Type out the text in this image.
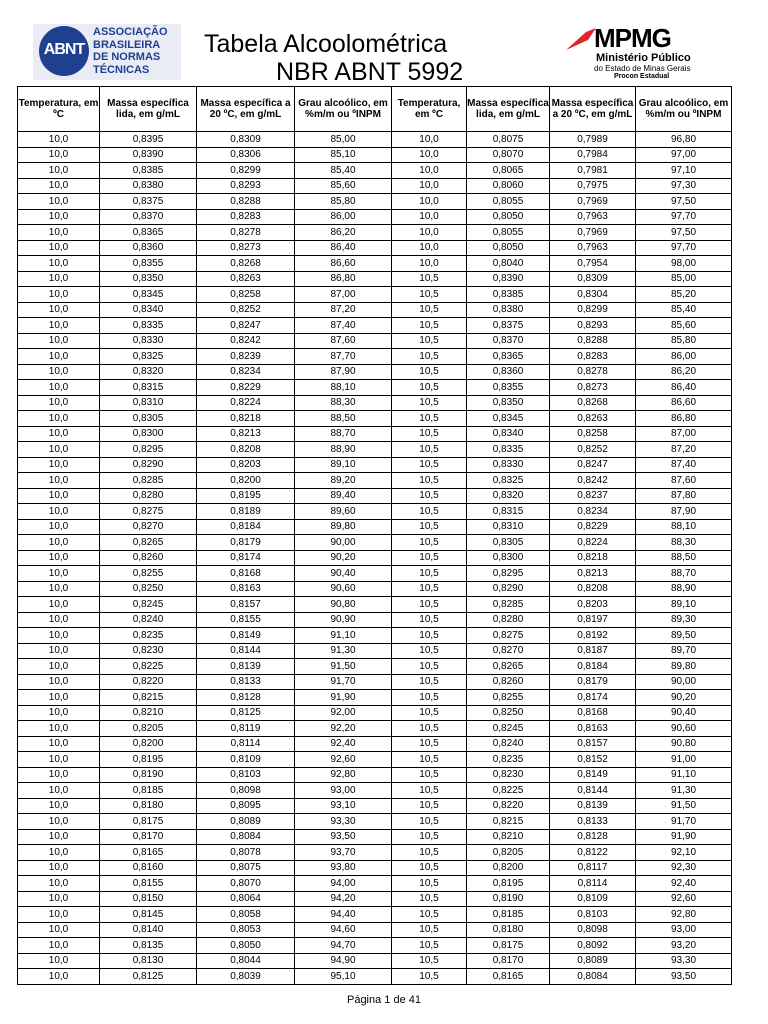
ABNT
ASSOCIAÇÃO
BRASILEIRA
DE NORMAS
TÉCNICAS
Tabela Alcoolométrica
NBR ABNT 5992
MPMG
Ministério Público
do Estado de Minas Gerais
Procon Estadual
Temperatura, em ºC	Massa específica lida, em g/mL	Massa específica a 20 ºC, em g/mL	Grau alcoólico, em %m/m ou ºINPM	Temperatura, em ºC	Massa específica lida, em g/mL	Massa específica a 20 ºC, em g/mL	Grau alcoólico, em %m/m ou ºINPM
10,0	0,8395	0,8309	85,00	10,0	0,8075	0,7989	96,80
10,0	0,8390	0,8306	85,10	10,0	0,8070	0,7984	97,00
10,0	0,8385	0,8299	85,40	10,0	0,8065	0,7981	97,10
10,0	0,8380	0,8293	85,60	10,0	0,8060	0,7975	97,30
10,0	0,8375	0,8288	85,80	10,0	0,8055	0,7969	97,50
10,0	0,8370	0,8283	86,00	10,0	0,8050	0,7963	97,70
10,0	0,8365	0,8278	86,20	10,0	0,8055	0,7969	97,50
10,0	0,8360	0,8273	86,40	10,0	0,8050	0,7963	97,70
10,0	0,8355	0,8268	86,60	10,0	0,8040	0,7954	98,00
10,0	0,8350	0,8263	86,80	10,5	0,8390	0,8309	85,00
10,0	0,8345	0,8258	87,00	10,5	0,8385	0,8304	85,20
10,0	0,8340	0,8252	87,20	10,5	0,8380	0,8299	85,40
10,0	0,8335	0,8247	87,40	10,5	0,8375	0,8293	85,60
10,0	0,8330	0,8242	87,60	10,5	0,8370	0,8288	85,80
10,0	0,8325	0,8239	87,70	10,5	0,8365	0,8283	86,00
10,0	0,8320	0,8234	87,90	10,5	0,8360	0,8278	86,20
10,0	0,8315	0,8229	88,10	10,5	0,8355	0,8273	86,40
10,0	0,8310	0,8224	88,30	10,5	0,8350	0,8268	86,60
10,0	0,8305	0,8218	88,50	10,5	0,8345	0,8263	86,80
10,0	0,8300	0,8213	88,70	10,5	0,8340	0,8258	87,00
10,0	0,8295	0,8208	88,90	10,5	0,8335	0,8252	87,20
10,0	0,8290	0,8203	89,10	10,5	0,8330	0,8247	87,40
10,0	0,8285	0,8200	89,20	10,5	0,8325	0,8242	87,60
10,0	0,8280	0,8195	89,40	10,5	0,8320	0,8237	87,80
10,0	0,8275	0,8189	89,60	10,5	0,8315	0,8234	87,90
10,0	0,8270	0,8184	89,80	10,5	0,8310	0,8229	88,10
10,0	0,8265	0,8179	90,00	10,5	0,8305	0,8224	88,30
10,0	0,8260	0,8174	90,20	10,5	0,8300	0,8218	88,50
10,0	0,8255	0,8168	90,40	10,5	0,8295	0,8213	88,70
10,0	0,8250	0,8163	90,60	10,5	0,8290	0,8208	88,90
10,0	0,8245	0,8157	90,80	10,5	0,8285	0,8203	89,10
10,0	0,8240	0,8155	90,90	10,5	0,8280	0,8197	89,30
10,0	0,8235	0,8149	91,10	10,5	0,8275	0,8192	89,50
10,0	0,8230	0,8144	91,30	10,5	0,8270	0,8187	89,70
10,0	0,8225	0,8139	91,50	10,5	0,8265	0,8184	89,80
10,0	0,8220	0,8133	91,70	10,5	0,8260	0,8179	90,00
10,0	0,8215	0,8128	91,90	10,5	0,8255	0,8174	90,20
10,0	0,8210	0,8125	92,00	10,5	0,8250	0,8168	90,40
10,0	0,8205	0,8119	92,20	10,5	0,8245	0,8163	90,60
10,0	0,8200	0,8114	92,40	10,5	0,8240	0,8157	90,80
10,0	0,8195	0,8109	92,60	10,5	0,8235	0,8152	91,00
10,0	0,8190	0,8103	92,80	10,5	0,8230	0,8149	91,10
10,0	0,8185	0,8098	93,00	10,5	0,8225	0,8144	91,30
10,0	0,8180	0,8095	93,10	10,5	0,8220	0,8139	91,50
10,0	0,8175	0,8089	93,30	10,5	0,8215	0,8133	91,70
10,0	0,8170	0,8084	93,50	10,5	0,8210	0,8128	91,90
10,0	0,8165	0,8078	93,70	10,5	0,8205	0,8122	92,10
10,0	0,8160	0,8075	93,80	10,5	0,8200	0,8117	92,30
10,0	0,8155	0,8070	94,00	10,5	0,8195	0,8114	92,40
10,0	0,8150	0,8064	94,20	10,5	0,8190	0,8109	92,60
10,0	0,8145	0,8058	94,40	10,5	0,8185	0,8103	92,80
10,0	0,8140	0,8053	94,60	10,5	0,8180	0,8098	93,00
10,0	0,8135	0,8050	94,70	10,5	0,8175	0,8092	93,20
10,0	0,8130	0,8044	94,90	10,5	0,8170	0,8089	93,30
10,0	0,8125	0,8039	95,10	10,5	0,8165	0,8084	93,50
Página 1 de 41
